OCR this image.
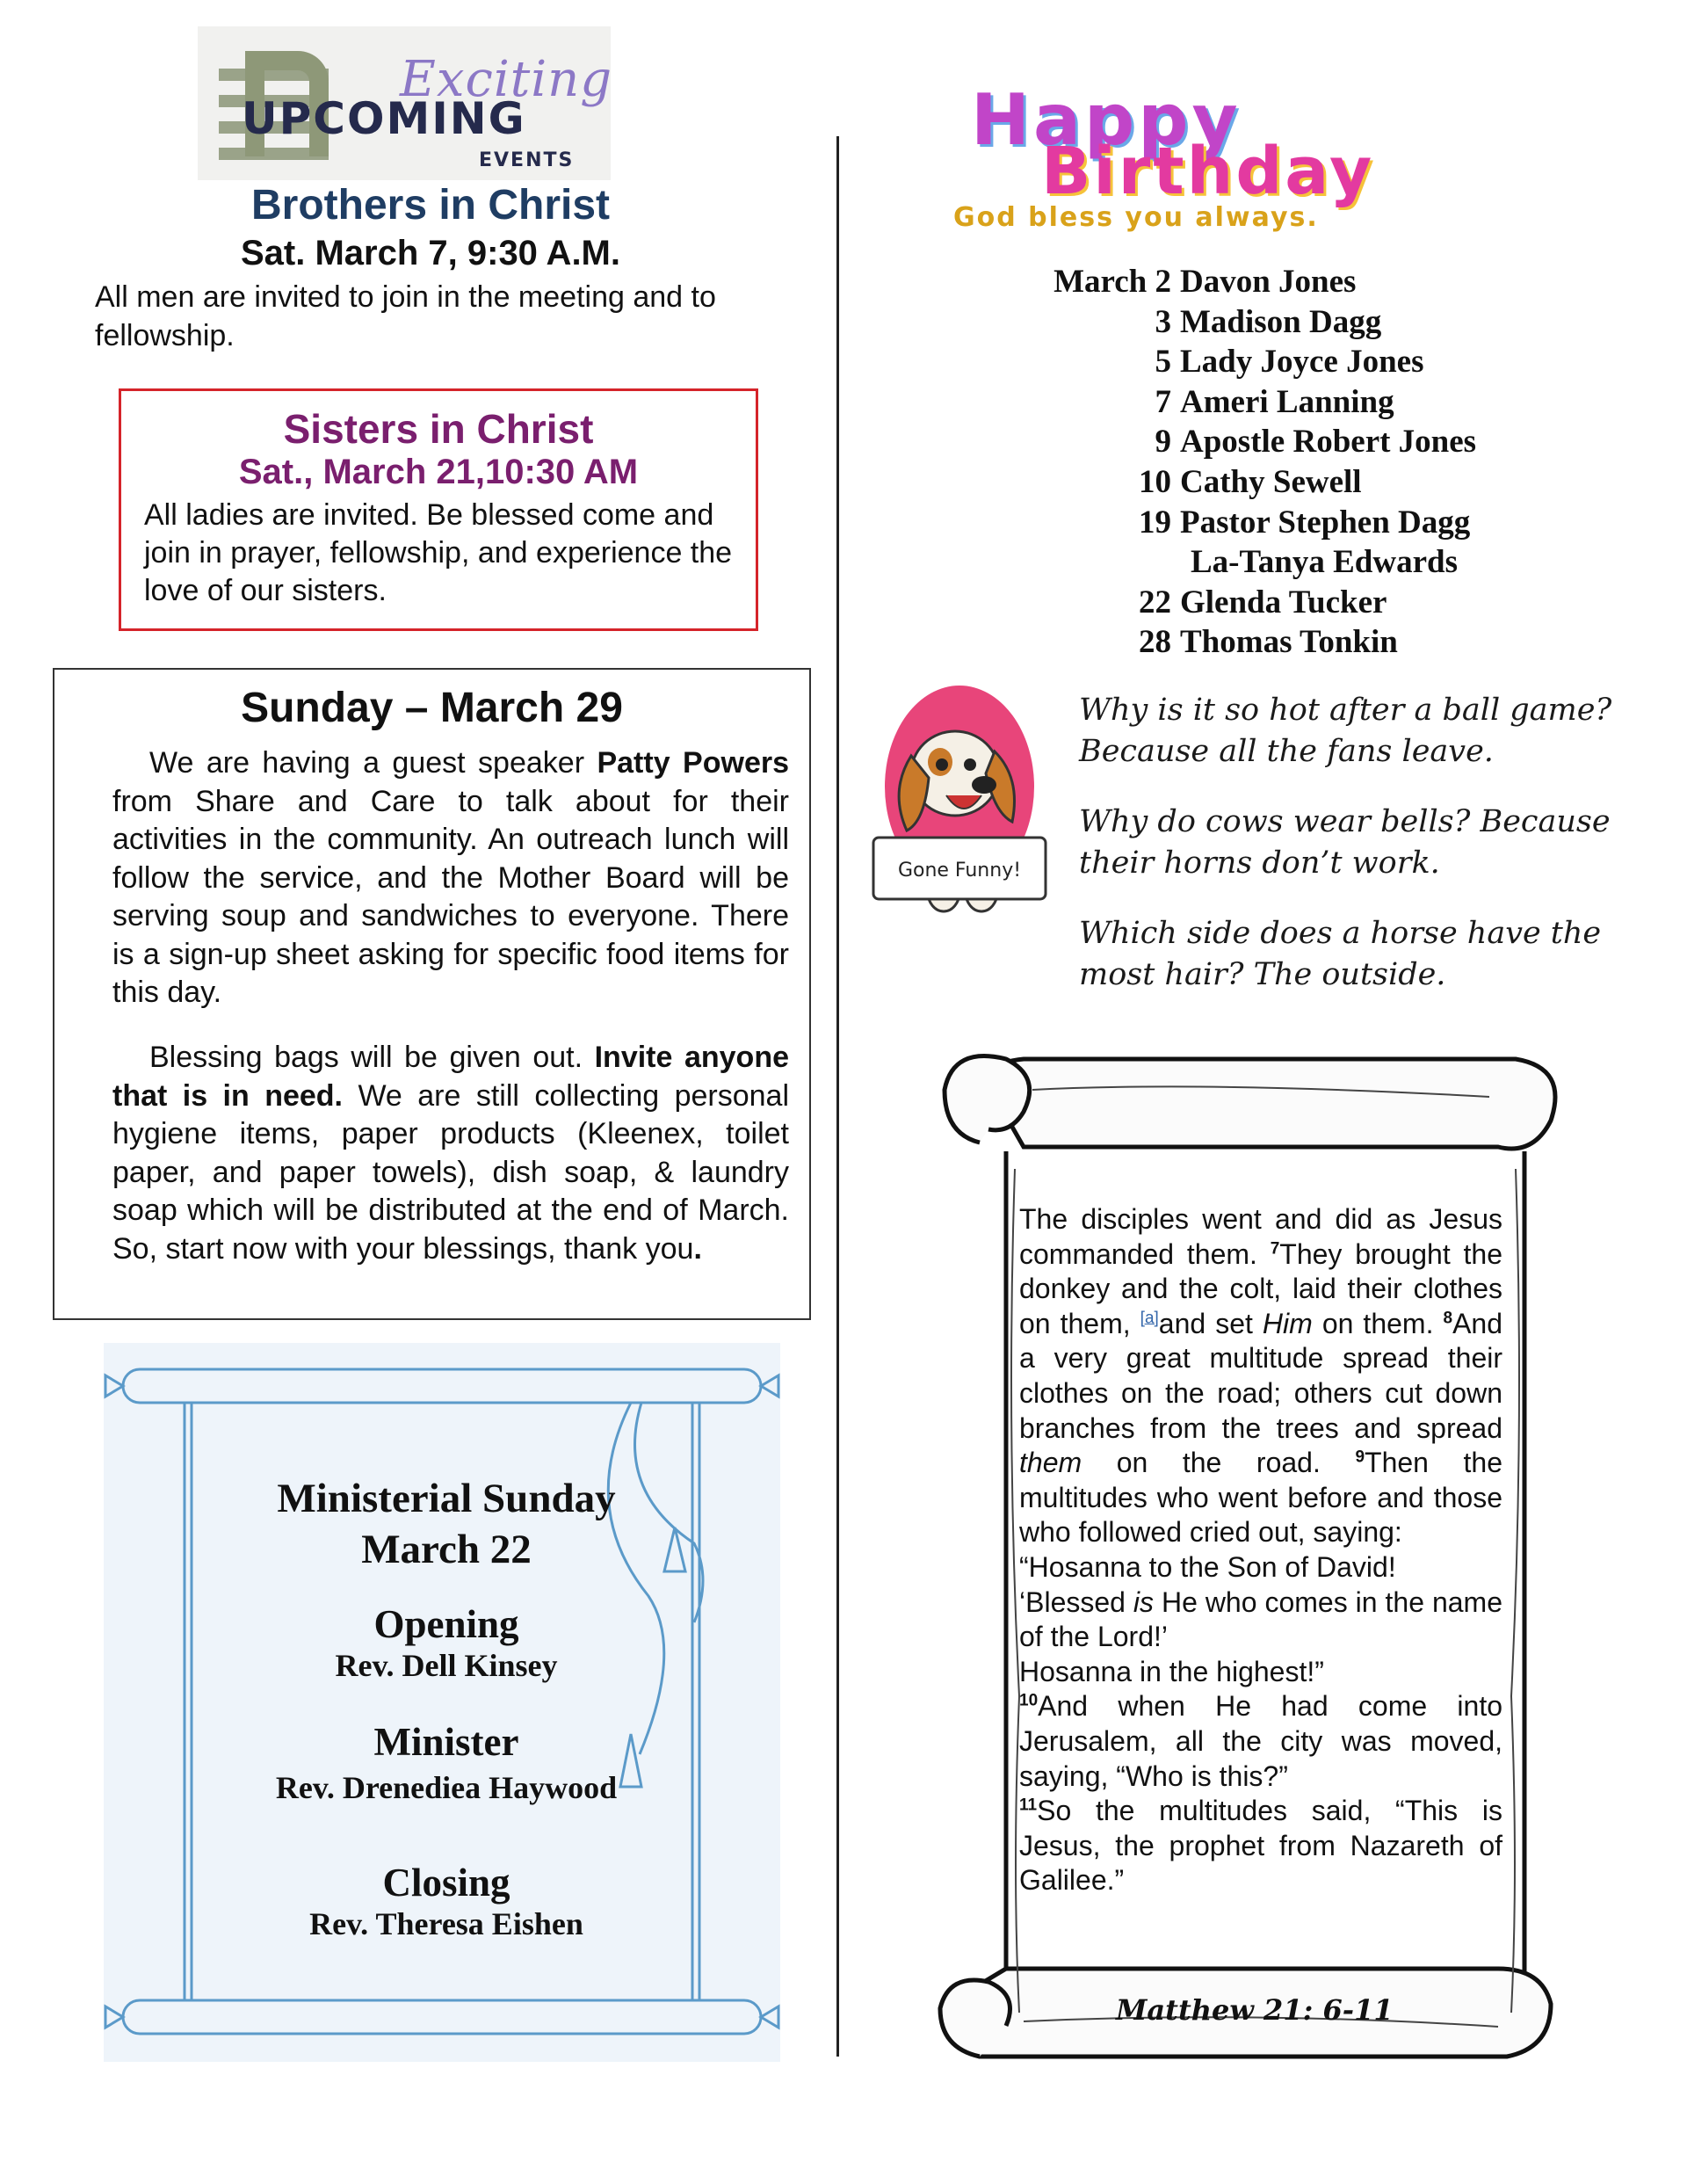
Exciting
UPCOMING
EVENTS
Brothers in Christ
Sat. March 7, 9:30 A.M.
All men are invited to join in the meeting and to fellowship.
Sisters in Christ
Sat., March 21,10:30 AM
All ladies are invited. Be blessed come and join in prayer, fellowship, and experience the love of our sisters.
Sunday – March 29

We are having a guest speaker Patty Powers from Share and Care to talk about for their activities in the community. An outreach lunch will follow the service, and the Mother Board will be serving soup and sandwiches to everyone. There is a sign-up sheet asking for specific food items for this day.

Blessing bags will be given out. Invite anyone that is in need. We are still collecting personal hygiene items, paper products (Kleenex, toilet paper, and paper towels), dish soap, & laundry soap which will be distributed at the end of March. So, start now with your blessings, thank you.

Ministerial Sunday
March 22
Opening
Rev. Dell Kinsey
Minister
Rev. Drenediea Haywood
Closing
Rev. Theresa Eishen
Happy
Birthday
God bless you always.
March 2 Davon Jones
3 Madison Dagg
5 Lady Joyce Jones
7 Ameri Lanning
9 Apostle Robert Jones
10 Cathy Sewell
19 Pastor Stephen Dagg
La-Tanya Edwards
22 Glenda Tucker
28 Thomas Tonkin
Gone Funny!

Why is it so hot after a ball game? Because all the fans leave.

Why do cows wear bells? Because their horns don’t work.

Which side does a horse have the most hair? The outside.

The disciples went and did as Jesus commanded them. $^7$They brought the donkey and the colt, laid their clothes on them, [a]and set Him on them. $^8$And a very great multitude spread their clothes on the road; others cut down branches from the trees and spread them on the road. $^9$Then the multitudes who went before and those who followed cried out, saying:
“Hosanna to the Son of David!
‘Blessed is He who comes in the name of the Lord!’
Hosanna in the highest!”
$^{10}$And when He had come into Jerusalem, all the city was moved, saying, “Who is this?”
$^{11}$So the multitudes said, “This is Jesus, the prophet from Nazareth of Galilee.”
Matthew 21: 6-11
